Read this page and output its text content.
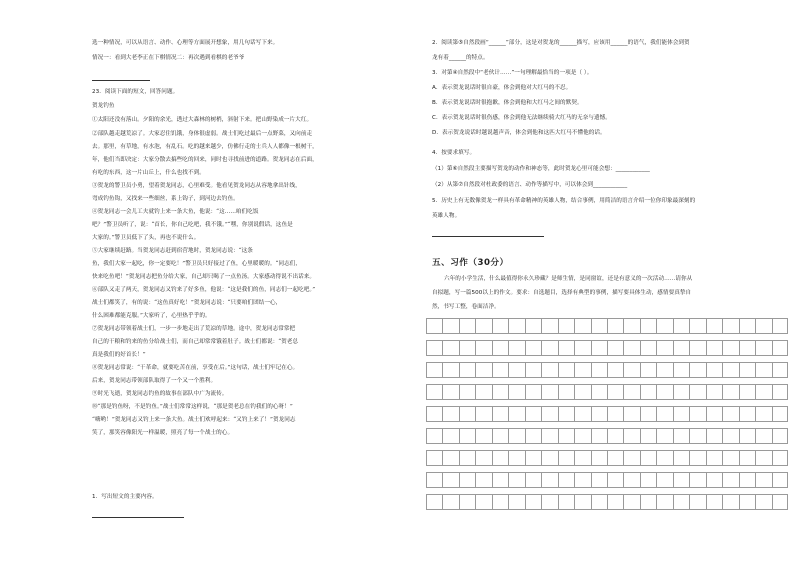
选一种情况，可以从语言、动作、心理等方面展开想象，用几句话写下来。
情况一：看到大老李正在下棋情况二：再次遇到看棋的老爷爷
23．阅读下面的短文，回答问题。
贺龙钓鱼
①太阳还没有落山。夕阳的余光，透过大森林的树梢，斜射下来。把山野染成一片大红。
②部队越走越荒凉了。大家忍住饥饿，身体很虚弱。战士们吃过最后一点野菜，又向前走
去。那里，有草地，有水泡，有乱石。吃的越来越少，仿佛行走的士兵人人都像一根树干，
年，他们当即决定：大家分散去搞些吃的回来，同时也寻找前进的道路。贺龙同志在后面，
有吃的东西，这一片山丘上，什么也找不到。
③贺龙的警卫员小勇，望着贺龙同志，心里难受。他看见贺龙同志从容地拿出针线，
弯成钓鱼钩，又找来一些细丝，系上钩子，到河边去钓鱼。
④贺龙同志一会儿工夫就钓上来一条大鱼，他说：“这……咱们吃饭
吧？”警卫员听了，说：“首长，你自己吃吧，我不饿。”“嘿，你别说假话，这鱼是
大家的。”警卫员低下了头，再也不说什么。
⑤大家继续赶路。当贺龙同志赶到宿营地时，贺龙同志说：“这条
鱼，我们大家一起吃，你一定要吃！”警卫员只好接过了鱼，心里暖暖的。“同志们，
快来吃鱼吧！”贺龙同志把鱼分给大家，自己却只喝了一点鱼汤。大家感动得说不出话来。
⑥部队又走了两天，贺龙同志又钓来了好多鱼，他说：“这是我们的鱼，同志们一起吃吧。”
战士们都笑了，有的说：“这鱼真好吃！”贺龙同志说：“只要咱们团结一心，
什么困难都能克服。”大家听了，心里热乎乎的。
⑦贺龙同志带领着战士们，一步一步地走出了荒凉的草地。途中，贺龙同志常常把
自己的干粮和钓来的鱼分给战士们，而自己却常常饿着肚子。战士们都说：“贺老总
真是我们的好首长！”
⑧贺龙同志常说：“干革命，就要吃苦在前，享受在后。”这句话，战士们牢记在心。
后来，贺龙同志带领部队取得了一个又一个胜利。
⑨时光飞逝，贺龙同志钓鱼的故事在部队中广为流传。
⑩“那是钓鱼呀，不是钓鱼。”战士们常常这样说，“那是贺老总在钓我们的心呀！”
“嗨哟！”贺龙同志又钓上来一条大鱼。战士们欢呼起来：“又钓上来了！”贺龙同志
笑了，那笑容像阳光一样温暖，照亮了每一个战士的心。
1．写出短文的主要内容。
2．阅读第⑤自然段画“______”部分，这是对贺龙的______描写，应该用______的语气，我们能体会到贺
龙有着______的特点。
3．对第④自然段中“老伙计……”一句理解最恰当的一项是（ ）。
A．表示贺龙说话时很自豪，体会到他对大红马的不忍。
B．表示贺龙说话时很抱歉，体会到他和大红马之间的默契。
C．表示贺龙说话时很伤感，体会到他无法继续骑大红马的无奈与遗憾。
D．表示贺龙说话时越说越声音，体会到他和这匹大红马不懂他的话。
4．按要求填写。
（1）第⑥自然段主要描写贺龙的动作和神态等，此时贺龙心里可能会想：____________
（2）从第⑦自然段对杜政委的语言、动作等描写中，可以体会到____________
5．历史上有无数像贺龙一样具有革命精神的英雄人物，结合事例，用简洁的语言介绍一位你印象最深刻的
英雄人物。
五、习作（30分）
六年的小学生活，什么最值得你永久珍藏？是师生情，是同窗谊，还是有意义的一次活动……请你从
自拟题，写一篇500以上的作文。要求：自选题目，选择有典型的事例，描写要具体生动，感情要真挚自
然，书写工整，卷面洁净。
